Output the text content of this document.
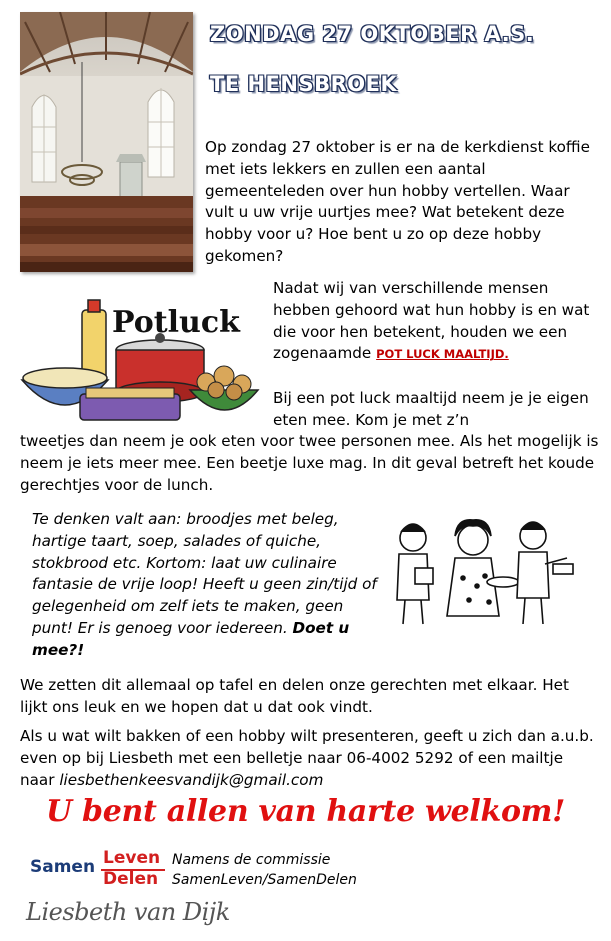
ZONDAG 27 OKTOBER A.S.
TE HENSBROEK
Op zondag 27 oktober is er na de kerkdienst koffie met iets lekkers en zullen een aantal gemeenteleden over hun hobby vertellen. Waar vult u uw vrije uurtjes mee? Wat betekent deze hobby voor u? Hoe bent u zo op deze hobby gekomen?
Potluck
Nadat wij van verschillende mensen hebben gehoord wat hun hobby is en wat die voor hen betekent, houden we een zogenaamde POT LUCK MAALTIJD.
Bij een pot luck maaltijd neem je je eigen eten mee. Kom je met z’n
tweetjes dan neem je ook eten voor twee personen mee. Als het mogelijk is neem je iets meer mee. Een beetje luxe mag. In dit geval betreft het koude gerechtjes voor de lunch.
Te denken valt aan: broodjes met beleg, hartige taart, soep, salades of quiche, stokbrood etc. Kortom: laat uw culinaire fantasie de vrije loop! Heeft u geen zin/tijd of gelegenheid om zelf iets te maken, geen punt! Er is genoeg voor iedereen. Doet u mee?!
We zetten dit allemaal op tafel en delen onze gerechten met elkaar. Het lijkt ons leuk en we hopen dat u dat ook vindt.
Als u wat wilt bakken of een hobby wilt presenteren, geeft u zich dan a.u.b. even op bij Liesbeth met een belletje naar 06-4002 5292 of een mailtje naar liesbethenkeesvandijk@gmail.com
U bent allen van harte welkom!
Samen Leven
Delen
Namens de commissie
SamenLeven/SamenDelen
Liesbeth van Dijk
